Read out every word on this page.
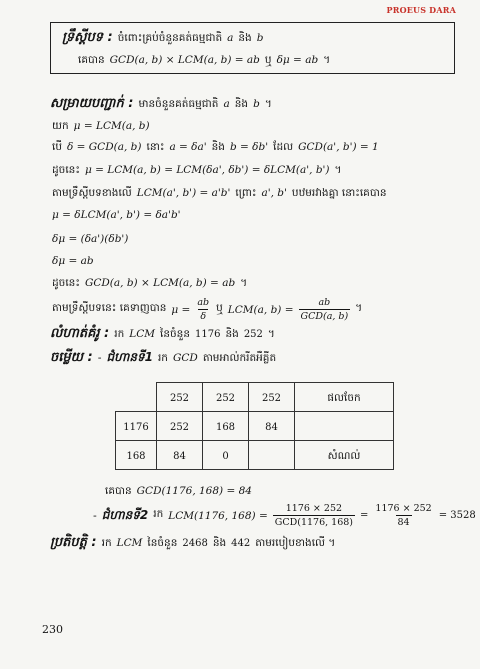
PROEUS DARA
ទ្រឹស្តីបទ : ចំពោះគ្រប់ចំនួនគត់ធម្មជាតិ a និង b
គេបាន GCD(a, b) × LCM(a, b) = ab ឬ δμ = ab ។
សម្រាយបញ្ជាក់ : មានចំនួនគត់ធម្មជាតិ a និង b ។
យក μ = LCM(a, b)
បើ δ = GCD(a, b) នោះ a = δa' និង b = δb' ដែល GCD(a', b') = 1
ដូចនេះ μ = LCM(a, b) = LCM(δa', δb') = δLCM(a', b') ។
តាមទ្រឹស្តីបទខាងលើ LCM(a', b') = a'b' ព្រោះ a', b' បឋមរវាងគ្នា នោះគេបាន
μ = δLCM(a', b') = δa'b'
δμ = (δa')(δb')
δμ = ab
ដូចនេះ GCD(a, b) × LCM(a, b) = ab ។
តាមទ្រឹស្តីបទនេះ គេទាញបាន $\mu = \frac{ab}{\delta}$ ឬ LCM(a, $b) = \frac{ab}{\text{GCD(a, b)}}$ ។
លំហាត់គំរូ : រក LCM នៃចំនួន 1176 និង 252 ។
ចម្លើយ : - ជំហានទី1 រក GCD តាមអាល់ករីតអឺគ្លីត
	252	252	252	ផលចែក
1176	252	168	84	
168	84	0		សំណល់
គេបាន GCD(1176, 168) = 84
- ជំហានទី2 រក LCM(1176, $168) = \frac{1176 \times 252}{\text{GCD(1176, 168)}} = \frac{1176 \times 252}{84} = 3528$
ប្រតិបត្តិ : រក LCM នៃចំនួន 2468 និង 442 តាមរបៀបខាងលើ ។
230
